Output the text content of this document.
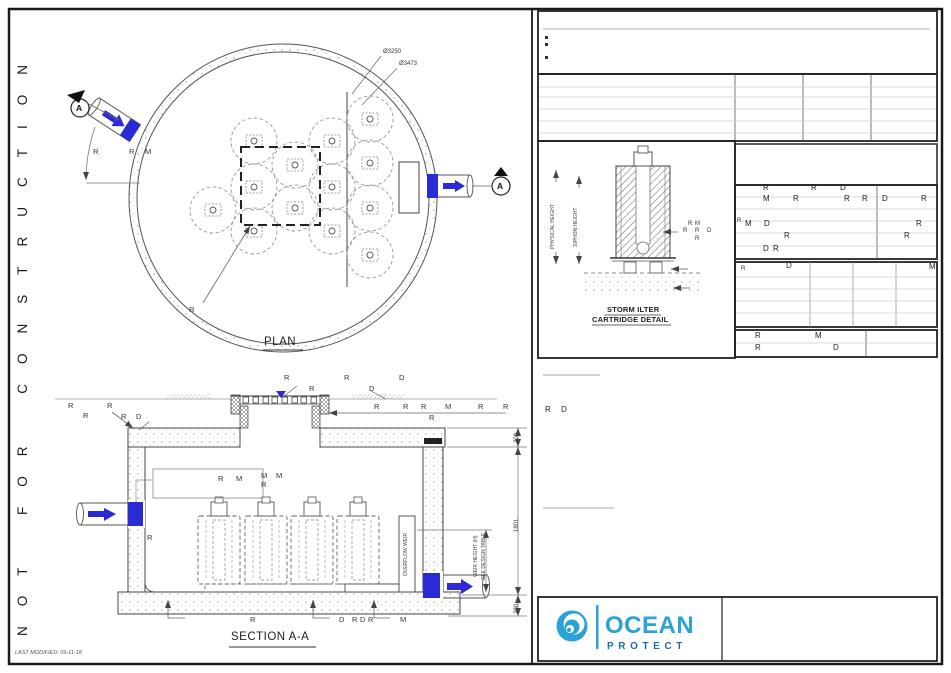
OCEAN
PROTECT
NOT FOR CONSTRUCTION
LAST MODIFIED: 09-11-18
A
A
Ø3250
Ø3473
R	R M
R
PLAN
R
R
R
R D
R
R
R
D
D
R	R R M	R	R
R
R M	M M
R
R
R	D R D R	M
200
1801
200
WEIR HEIGHT (H) SEE DESIGN TABLE
OVERFLOW WEIR
SECTION A-A
PHYSICAL HEIGHT	SIPHON HEIGHT	R M
R R D
R
STORM ILTER
CARTRIDGE DETAIL
R	R	D
M	R	R R D	R
R M D	R
R	R
D R
R	D	M
R	M
R	D
R D
